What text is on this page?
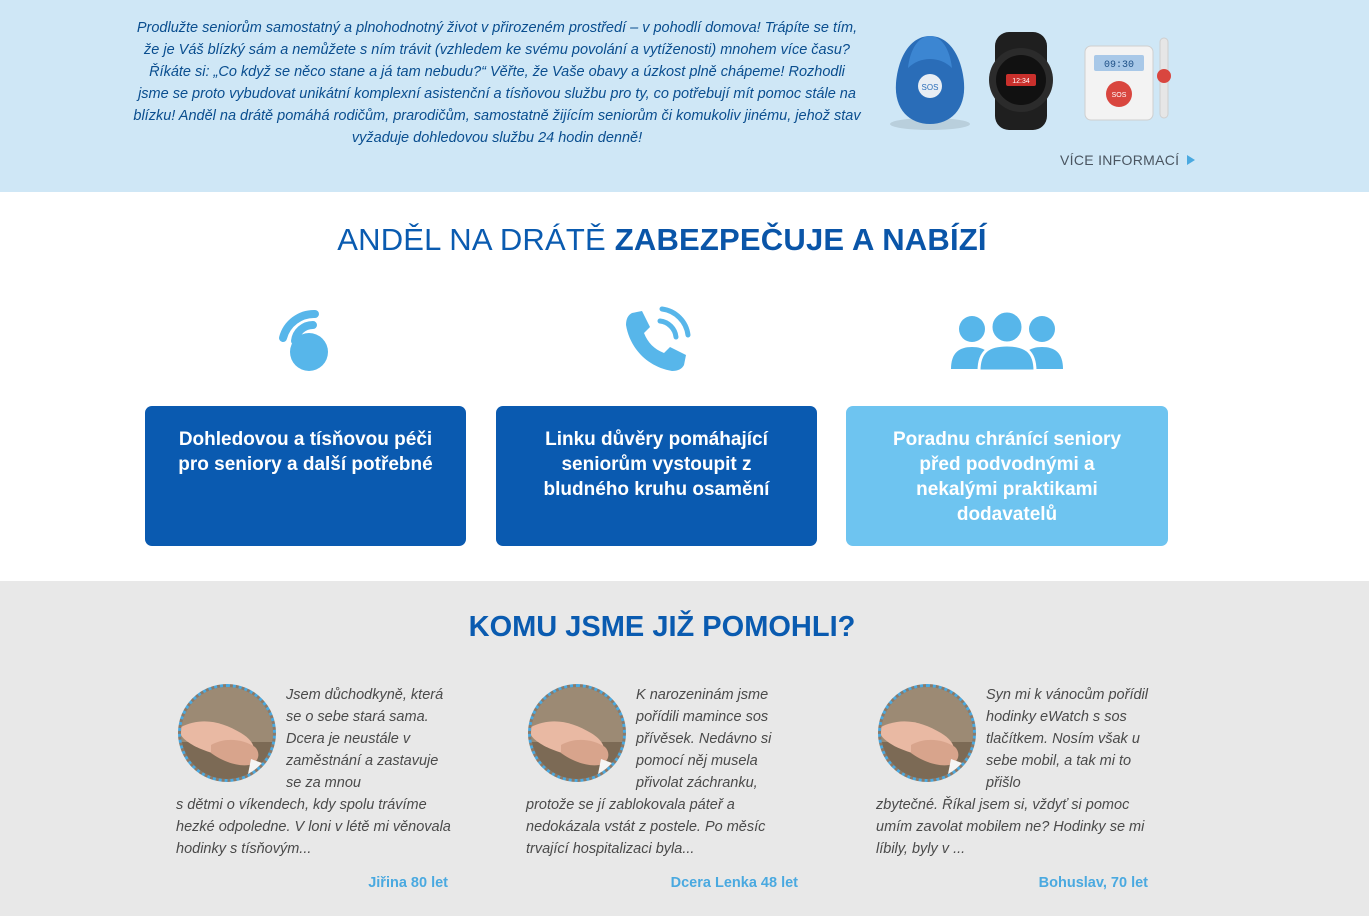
Prodlužte seniorům samostatný a plnohodnotný život v přirozeném prostředí – v pohodlí domova! Trápíte se tím, že je Váš blízký sám a nemůžete s ním trávit (vzhledem ke svému povolání a vytíženosti) mnohem více času? Říkáte si: „Co když se něco stane a já tam nebudu?“ Věřte, že Vaše obavy a úzkost plně chápeme! Rozhodli jsme se proto vybudovat unikátní komplexní asistenční a tísňovou službu pro ty, co potřebují mít pomoc stále na blízku! Anděl na drátě pomáhá rodičům, prarodičům, samostatně žijícím seniorům či komukoliv jinému, jehož stav vyžaduje dohledovou službu 24 hodin denně!

SOS
12:34
09:30
SOS
VÍCE INFORMACÍ
ANDĚL NA DRÁTĚ ZABEZPEČUJE A NABÍZÍ
Dohledovou a tísňovou péči pro seniory a další potřebné
Linku důvěry pomáhající seniorům vystoupit z bludného kruhu osamění
Poradnu chránící seniory před podvodnými a nekalými praktikami dodavatelů
KOMU JSME JIŽ POMOHLI?

Jsem důchodkyně, která se o sebe stará sama. Dcera je neustále v zaměstnání a zastavuje se za mnou

s dětmi o víkendech, kdy spolu trávíme hezké odpoledne. V loni v létě mi věnovala hodinky s tísňovým...

Jiřina 80 let

K narozeninám jsme pořídili mamince sos přívěsek. Nedávno si pomocí něj musela přivolat záchranku,

protože se jí zablokovala páteř a nedokázala vstát z postele. Po měsíc trvající hospitalizaci byla...

Dcera Lenka 48 let

Syn mi k vánocům pořídil hodinky eWatch s sos tlačítkem. Nosím však u sebe mobil, a tak mi to přišlo

zbytečné. Říkal jsem si, vždyť si pomoc umím zavolat mobilem ne? Hodinky se mi líbily, byly v ...

Bohuslav, 70 let
